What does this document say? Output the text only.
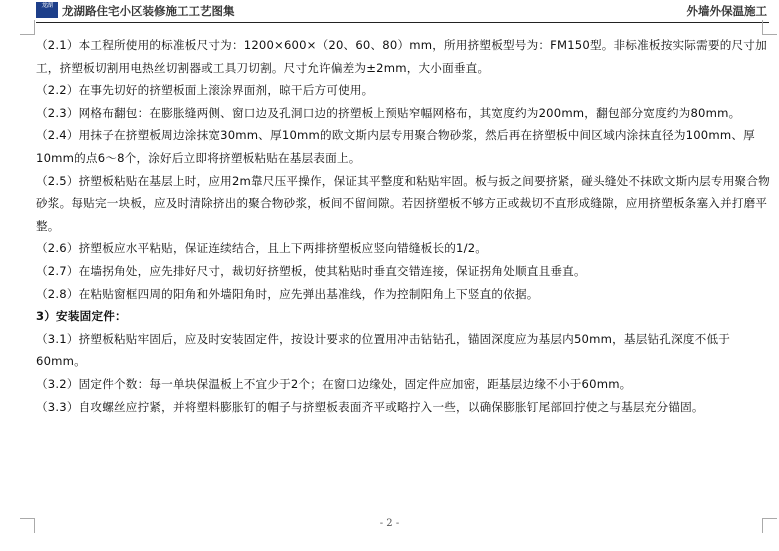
龙湖 龙湖路住宅小区装修施工工艺图集	外墙外保温施工

（2.1）本工程所使用的标准板尺寸为：1200×600×（20、60、80）mm，所用挤塑板型号为：FM150型。非标准板按实际需要的尺寸加工，挤塑板切割用电热丝切割器或工具刀切割。尺寸允许偏差为±2mm，大小面垂直。

（2.2）在事先切好的挤塑板面上滚涂界面剂，晾干后方可使用。

（2.3）网格布翻包：在膨胀缝两侧、窗口边及孔洞口边的挤塑板上预贴窄幅网格布，其宽度约为200mm，翻包部分宽度约为80mm。

（2.4）用抹子在挤塑板周边涂抹宽30mm、厚10mm的欧文斯内层专用聚合物砂浆，然后再在挤塑板中间区域内涂抹直径为100mm、厚10mm的点6～8个，涂好后立即将挤塑板粘贴在基层表面上。

（2.5）挤塑板粘贴在基层上时，应用2m靠尺压平操作，保证其平整度和粘贴牢固。板与扳之间要挤紧，碰头缝处不抹欧文斯内层专用聚合物砂浆。每贴完一块板，应及时清除挤出的聚合物砂浆，板间不留间隙。若因挤塑板不够方正或裁切不直形成缝隙，应用挤塑板条塞入并打磨平整。

（2.6）挤塑板应水平粘贴，保证连续结合，且上下两排挤塑板应竖向错缝板长的1/2。

（2.7）在墙拐角处，应先排好尺寸，裁切好挤塑板，使其粘贴时垂直交错连接，保证拐角处顺直且垂直。

（2.8）在粘贴窗框四周的阳角和外墙阳角时，应先弹出基准线，作为控制阳角上下竖直的依据。

3）安装固定件：

（3.1）挤塑板粘贴牢固后，应及时安装固定件，按设计要求的位置用冲击钻钻孔，锚固深度应为基层内50mm，基层钻孔深度不低于60mm。

（3.2）固定件个数：每一单块保温板上不宜少于2个；在窗口边缘处，固定件应加密，距基层边缘不小于60mm。

（3.3）自攻螺丝应拧紧，并将塑料膨胀钉的帽子与挤塑板表面齐平或略拧入一些，以确保膨胀钉尾部回拧使之与基层充分锚固。

- 2 -
